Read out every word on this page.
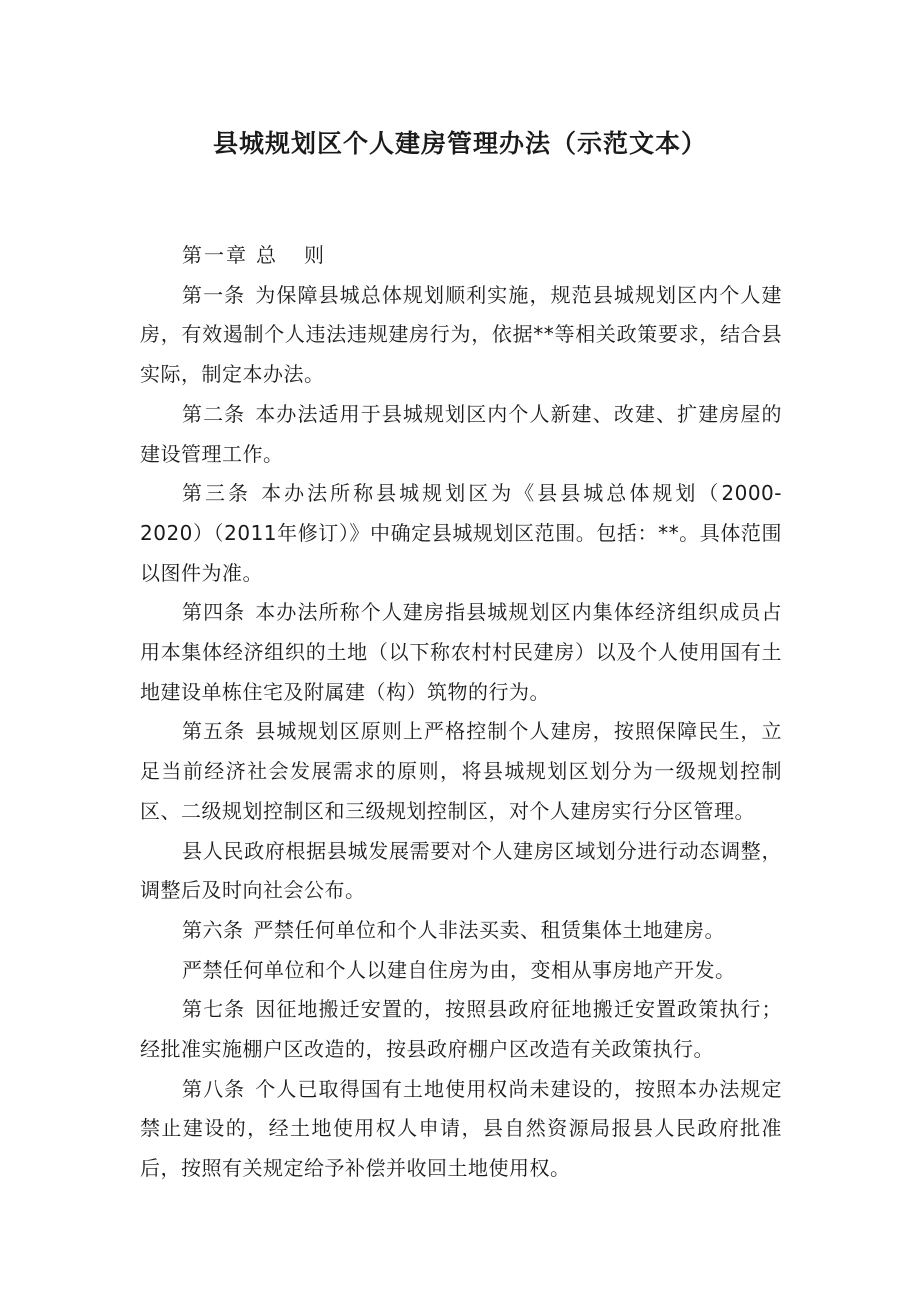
县城规划区个人建房管理办法（示范文本）

第一章 总则

第一条 为保障县城总体规划顺利实施，规范县城规划区内个人建房，有效遏制个人违法违规建房行为，依据**等相关政策要求，结合县实际，制定本办法。

第二条 本办法适用于县城规划区内个人新建、改建、扩建房屋的建设管理工作。

第三条 本办法所称县城规划区为《县县城总体规划（2000-2020）（2011年修订）》中确定县城规划区范围。包括：**。具体范围以图件为准。

第四条 本办法所称个人建房指县城规划区内集体经济组织成员占用本集体经济组织的土地（以下称农村村民建房）以及个人使用国有土地建设单栋住宅及附属建（构）筑物的行为。

第五条 县城规划区原则上严格控制个人建房，按照保障民生，立足当前经济社会发展需求的原则，将县城规划区划分为一级规划控制区、二级规划控制区和三级规划控制区，对个人建房实行分区管理。

县人民政府根据县城发展需要对个人建房区域划分进行动态调整，调整后及时向社会公布。

第六条 严禁任何单位和个人非法买卖、租赁集体土地建房。

严禁任何单位和个人以建自住房为由，变相从事房地产开发。

第七条 因征地搬迁安置的，按照县政府征地搬迁安置政策执行；经批准实施棚户区改造的，按县政府棚户区改造有关政策执行。

第八条 个人已取得国有土地使用权尚未建设的，按照本办法规定禁止建设的，经土地使用权人申请，县自然资源局报县人民政府批准后，按照有关规定给予补偿并收回土地使用权。
